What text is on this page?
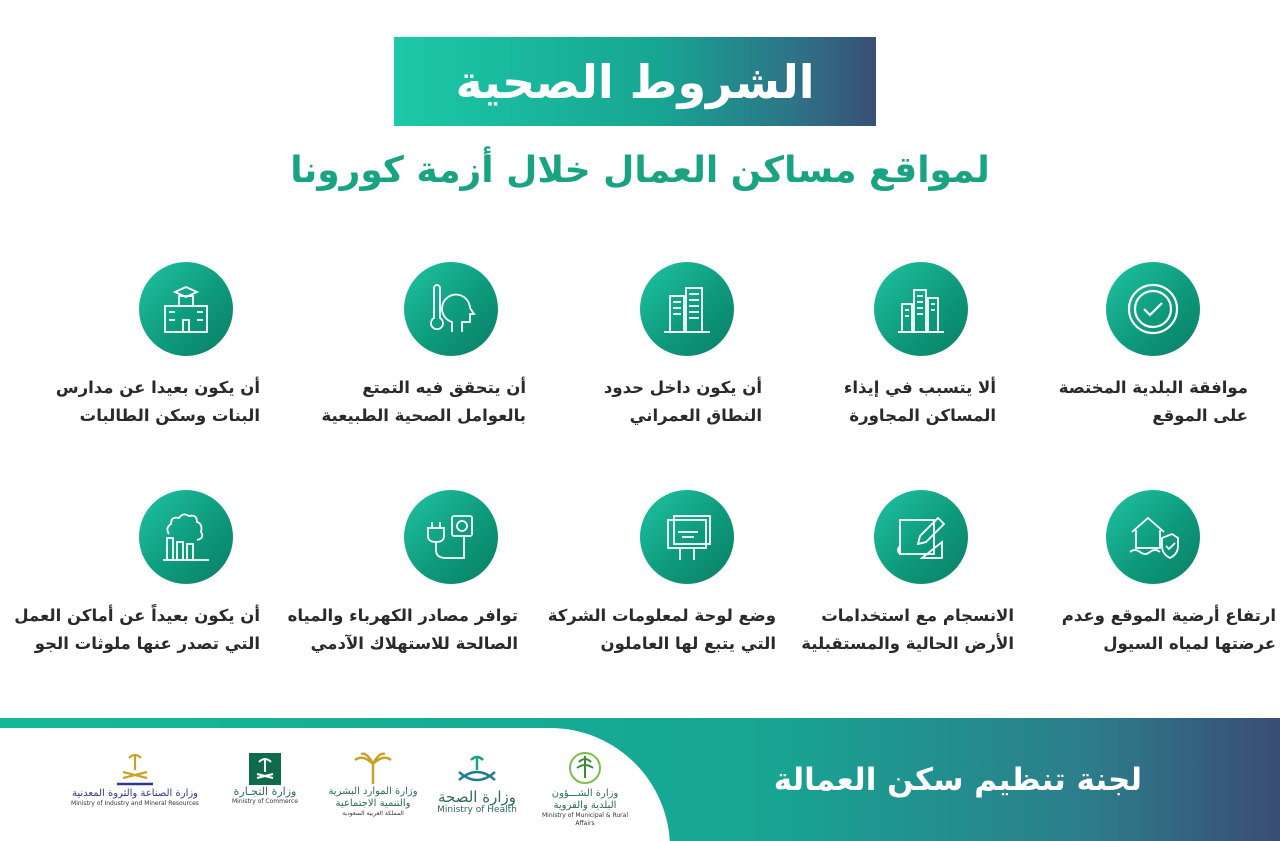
الشروط الصحية
لمواقع مساكن العمال خلال أزمة كورونا
موافقة البلدية المختصة
على الموقع
ألا يتسبب في إيذاء
المساكن المجاورة
أن يكون داخل حدود
النطاق العمراني
أن يتحقق فيه التمتع
بالعوامل الصحية الطبيعية
أن يكون بعيدا عن مدارس
البنات وسكن الطالبات
ارتفاع أرضية الموقع وعدم
عرضتها لمياه السيول
الانسجام مع استخدامات
الأرض الحالية والمستقبلية
وضع لوحة لمعلومات الشركة
التي يتبع لها العاملون
توافر مصادر الكهرباء والمياه
الصالحة للاستهلاك الآدمي
أن يكون بعيداً عن أماكن العمل
التي تصدر عنها ملوثات الجو
لجنة تنظيم سكن العمالة
وزارة الشـــؤون
البلدية والقروية
Ministry of Municipal & Rural Affairs
وزارة الصحة
Ministry of Health
وزارة الموارد البشرية
والتنمية الاجتماعية
المملكة العربية السعودية
وزارة التجـارة
Ministry of Commerce
وزارة الصناعة والثروة المعدنية
Ministry of Industry and Mineral Resources
